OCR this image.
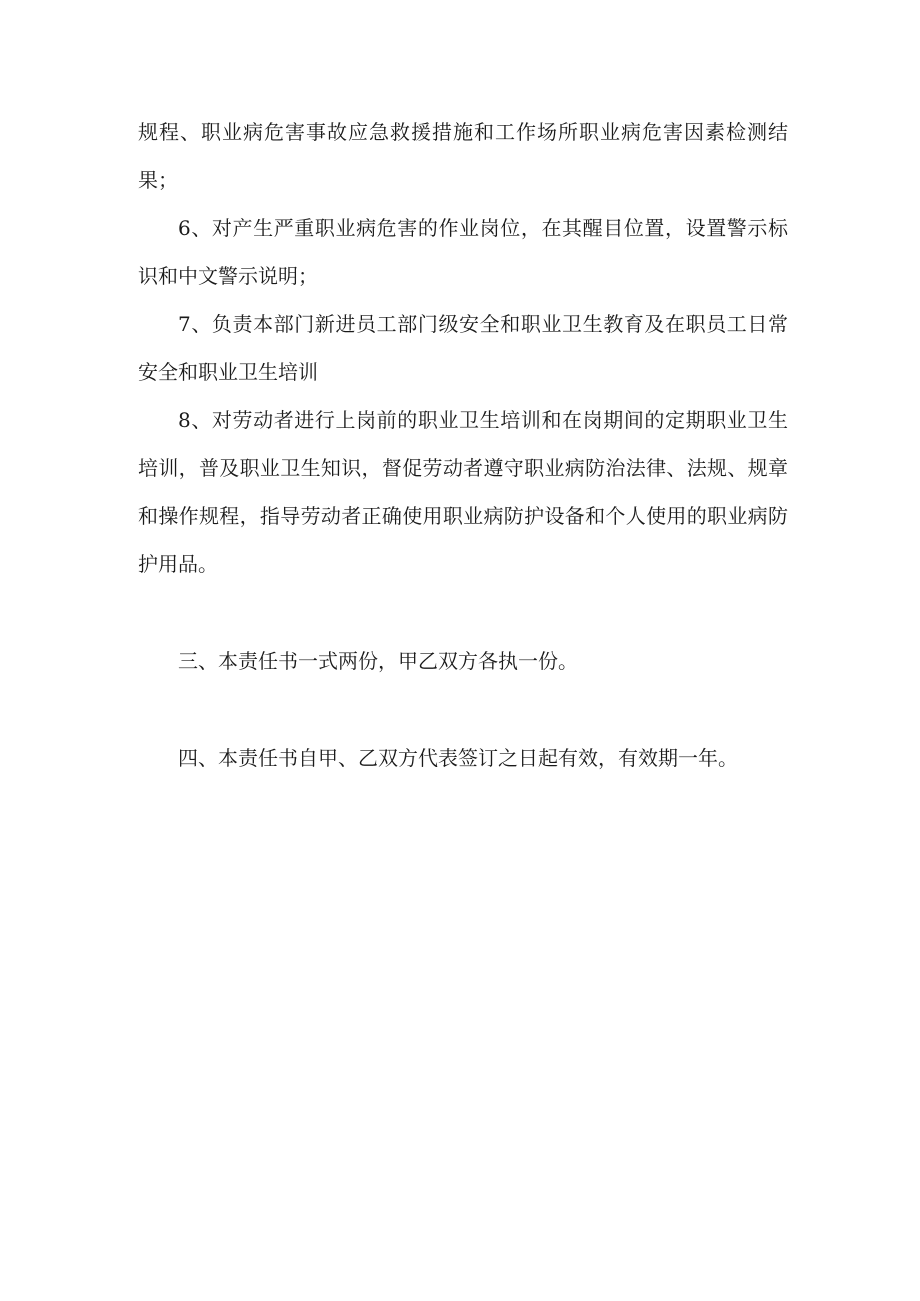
规程、职业病危害事故应急救援措施和工作场所职业病危害因素检测结果；

6、对产生严重职业病危害的作业岗位，在其醒目位置，设置警示标识和中文警示说明；

7、负责本部门新进员工部门级安全和职业卫生教育及在职员工日常安全和职业卫生培训

8、对劳动者进行上岗前的职业卫生培训和在岗期间的定期职业卫生培训，普及职业卫生知识，督促劳动者遵守职业病防治法律、法规、规章和操作规程，指导劳动者正确使用职业病防护设备和个人使用的职业病防护用品。

三、本责任书一式两份，甲乙双方各执一份。

四、本责任书自甲、乙双方代表签订之日起有效，有效期一年。
